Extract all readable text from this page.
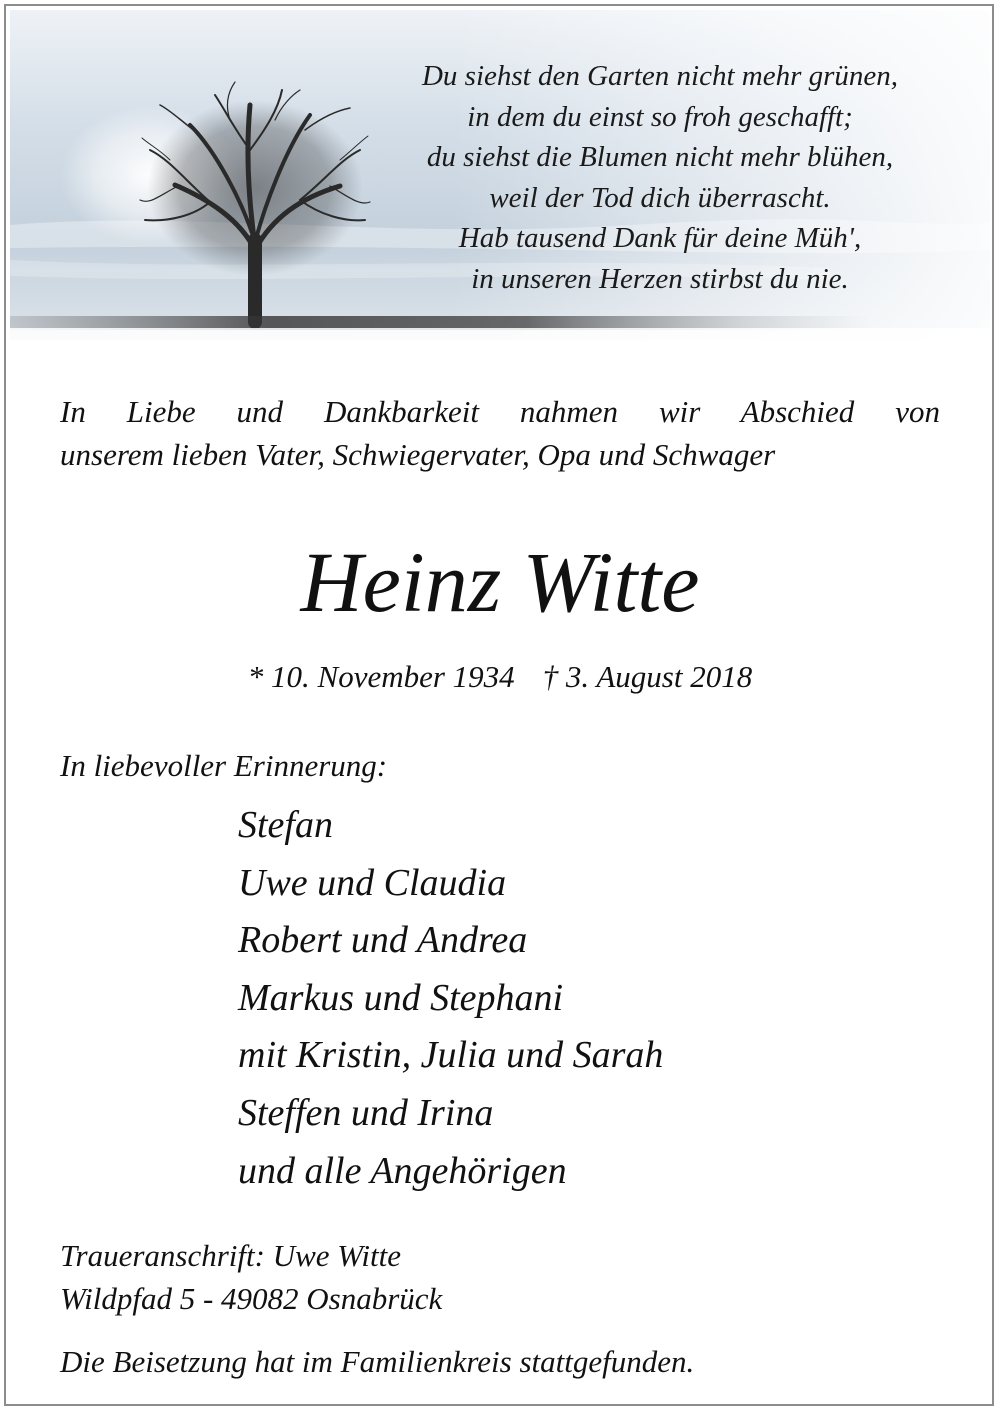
Du siehst den Garten nicht mehr grünen,
in dem du einst so froh geschafft;
du siehst die Blumen nicht mehr blühen,
weil der Tod dich überrascht.
Hab tausend Dank für deine Müh',
in unseren Herzen stirbst du nie.
In Liebe und Dankbarkeit nahmen wir Abschied von
unserem lieben Vater, Schwiegervater, Opa und Schwager
Heinz Witte
* 10. November 1934 † 3. August 2018
In liebevoller Erinnerung:
Stefan
Uwe und Claudia
Robert und Andrea
Markus und Stephani
mit Kristin, Julia und Sarah
Steffen und Irina
und alle Angehörigen
Traueranschrift: Uwe Witte
Wildpfad 5 - 49082 Osnabrück
Die Beisetzung hat im Familienkreis stattgefunden.
